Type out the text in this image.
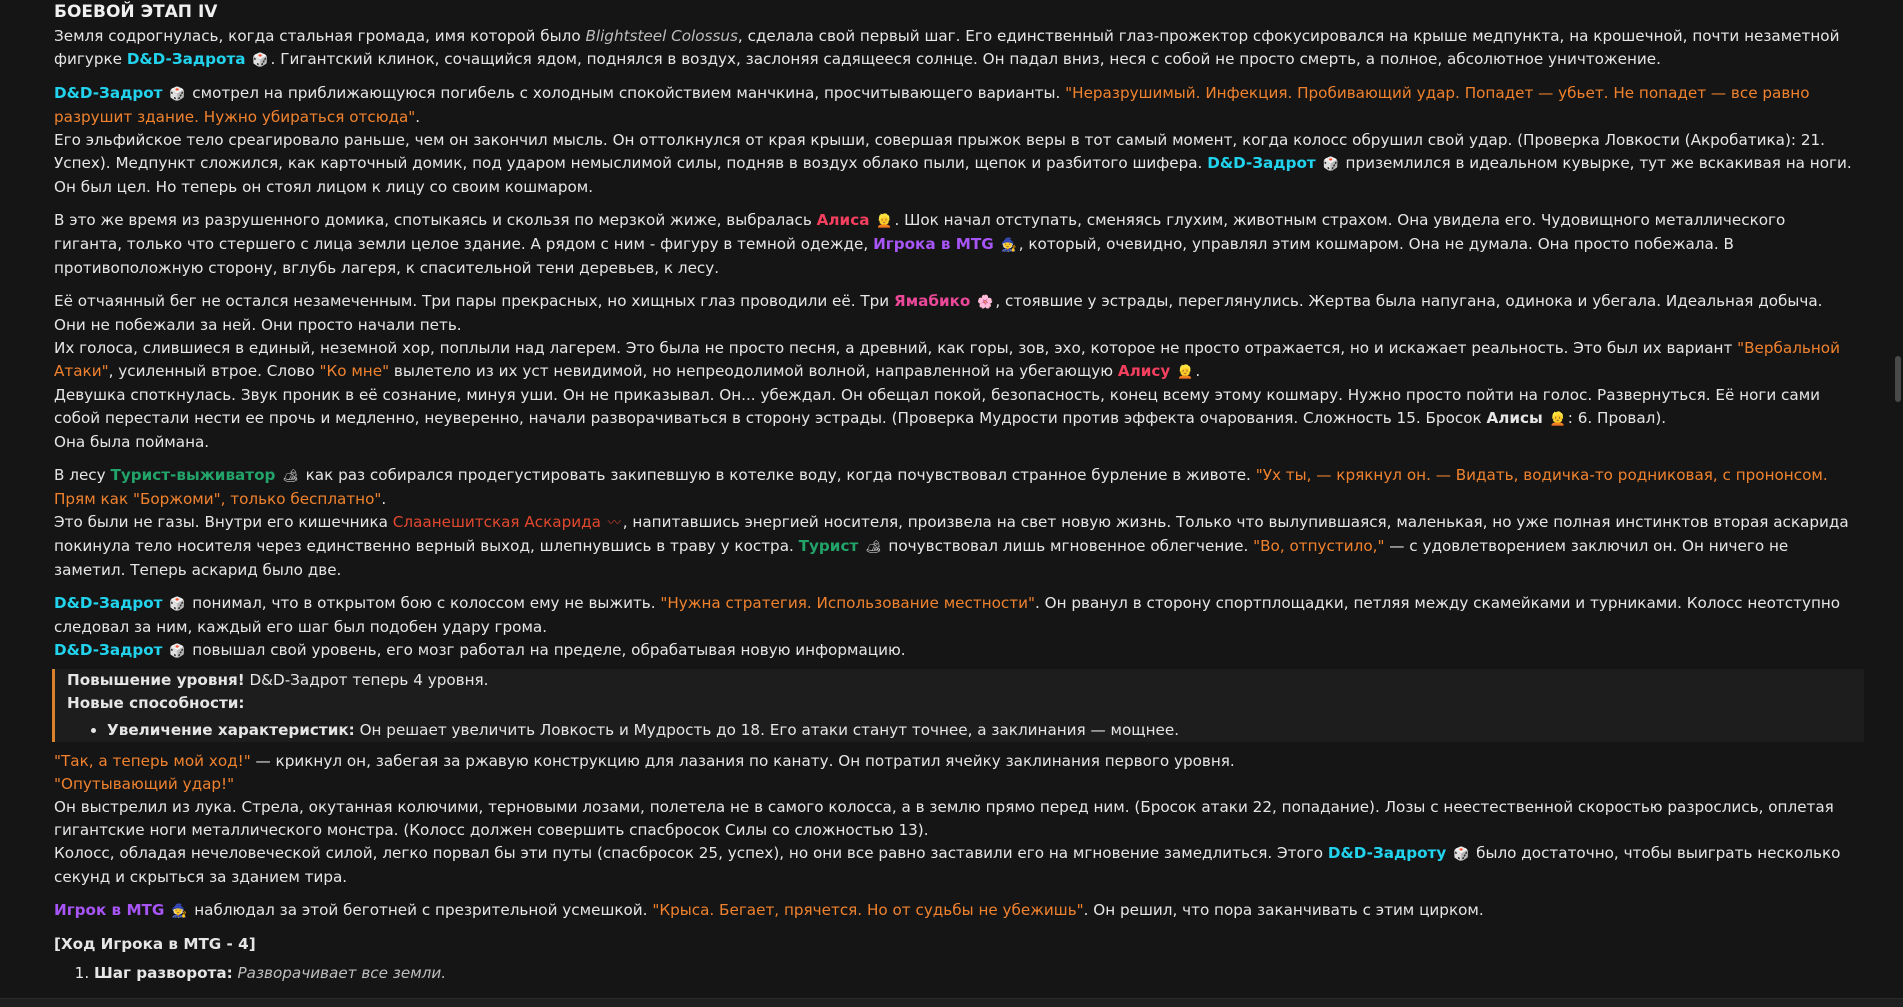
БОЕВОЙ ЭТАП IV

Земля содрогнулась, когда стальная громада, имя которой было Blightsteel Colossus, сделала свой первый шаг. Его единственный глаз-прожектор сфокусировался на крыше медпункта, на крошечной, почти незаметной фигурке D&D-Задрота 🎲 . Гигантский клинок, сочащийся ядом, поднялся в воздух, заслоняя садящееся солнце. Он падал вниз, неся с собой не просто смерть, а полное, абсолютное уничтожение.

D&D-Задрот 🎲 смотрел на приближающуюся погибель с холодным спокойствием манчкина, просчитывающего варианты. "Неразрушимый. Инфекция. Пробивающий удар. Попадет — убьет. Не попадет — все равно разрушит здание. Нужно убираться отсюда".
Его эльфийское тело среагировало раньше, чем он закончил мысль. Он оттолкнулся от края крыши, совершая прыжок веры в тот самый момент, когда колосс обрушил свой удар. (Проверка Ловкости (Акробатика): 21. Успех). Медпункт сложился, как карточный домик, под ударом немыслимой силы, подняв в воздух облако пыли, щепок и разбитого шифера. D&D-Задрот 🎲 приземлился в идеальном кувырке, тут же вскакивая на ноги. Он был цел. Но теперь он стоял лицом к лицу со своим кошмаром.

В это же время из разрушенного домика, спотыкаясь и скользя по мерзкой жиже, выбралась Алиса 👱 . Шок начал отступать, сменяясь глухим, животным страхом. Она увидела его. Чудовищного металлического гиганта, только что стершего с лица земли целое здание. А рядом с ним - фигуру в темной одежде, Игрока в MTG 🧙 , который, очевидно, управлял этим кошмаром. Она не думала. Она просто побежала. В противоположную сторону, вглубь лагеря, к спасительной тени деревьев, к лесу.

Её отчаянный бег не остался незамеченным. Три пары прекрасных, но хищных глаз проводили её. Три Ямабико 🌸 , стоявшие у эстрады, переглянулись. Жертва была напугана, одинока и убегала. Идеальная добыча. Они не побежали за ней. Они просто начали петь.
Их голоса, слившиеся в единый, неземной хор, поплыли над лагерем. Это была не просто песня, а древний, как горы, зов, эхо, которое не просто отражается, но и искажает реальность. Это был их вариант "Вербальной Атаки", усиленный втрое. Слово "Ко мне" вылетело из их уст невидимой, но непреодолимой волной, направленной на убегающую Алису 👱 .
Девушка споткнулась. Звук проник в её сознание, минуя уши. Он не приказывал. Он... убеждал. Он обещал покой, безопасность, конец всему этому кошмару. Нужно просто пойти на голос. Развернуться. Её ноги сами собой перестали нести ее прочь и медленно, неуверенно, начали разворачиваться в сторону эстрады. (Проверка Мудрости против эффекта очарования. Сложность 15. Бросок Алисы 👱 : 6. Провал).
Она была поймана.

В лесу Турист-выживатор 🏕 как раз собирался продегустировать закипевшую в котелке воду, когда почувствовал странное бурление в животе. "Ух ты, — крякнул он. — Видать, водичка-то родниковая, с прононсом. Прям как "Боржоми", только бесплатно".
Это были не газы. Внутри его кишечника Слаанешитская Аскарида 〰 , напитавшись энергией носителя, произвела на свет новую жизнь. Только что вылупившаяся, маленькая, но уже полная инстинктов вторая аскарида покинула тело носителя через единственно верный выход, шлепнувшись в траву у костра. Турист 🏕 почувствовал лишь мгновенное облегчение. "Во, отпустило," — с удовлетворением заключил он. Он ничего не заметил. Теперь аскарид было две.

D&D-Задрот 🎲 понимал, что в открытом бою с колоссом ему не выжить. "Нужна стратегия. Использование местности". Он рванул в сторону спортплощадки, петляя между скамейками и турниками. Колосс неотступно следовал за ним, каждый его шаг был подобен удару грома.
D&D-Задрот 🎲 повышал свой уровень, его мозг работал на пределе, обрабатывая новую информацию.

Повышение уровня! D&D-Задрот теперь 4 уровня.
Новые способности:
• Увеличение характеристик: Он решает увеличить Ловкость и Мудрость до 18. Его атаки станут точнее, а заклинания — мощнее.

"Так, а теперь мой ход!" — крикнул он, забегая за ржавую конструкцию для лазания по канату. Он потратил ячейку заклинания первого уровня.
"Опутывающий удар!"
Он выстрелил из лука. Стрела, окутанная колючими, терновыми лозами, полетела не в самого колосса, а в землю прямо перед ним. (Бросок атаки 22, попадание). Лозы с неестественной скоростью разрослись, оплетая гигантские ноги металлического монстра. (Колосс должен совершить спасбросок Силы со сложностью 13).
Колосс, обладая нечеловеческой силой, легко порвал бы эти путы (спасбросок 25, успех), но они все равно заставили его на мгновение замедлиться. Этого D&D-Задроту 🎲 было достаточно, чтобы выиграть несколько секунд и скрыться за зданием тира.

Игрок в MTG 🧙 наблюдал за этой беготней с презрительной усмешкой. "Крыса. Бегает, прячется. Но от судьбы не убежишь". Он решил, что пора заканчивать с этим цирком.

[Ход Игрока в MTG - 4]

1. Шаг разворота: Разворачивает все земли.
